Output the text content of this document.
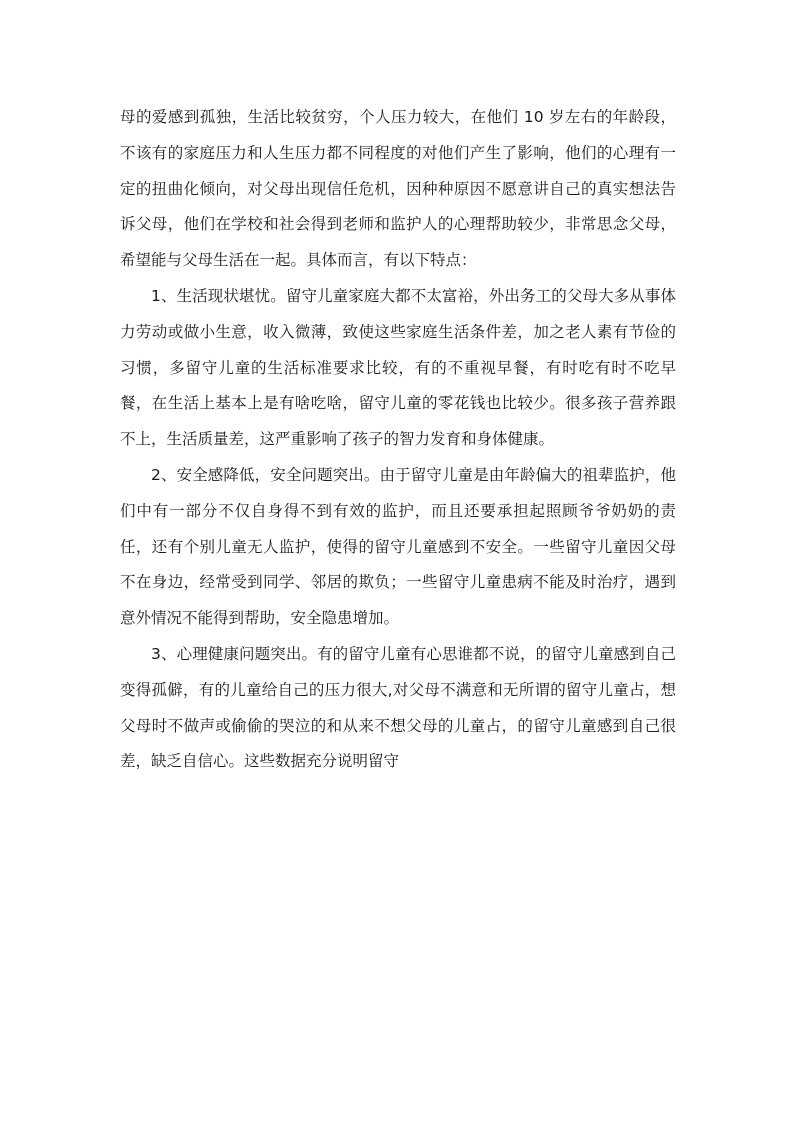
母的爱感到孤独，生活比较贫穷，个人压力较大，在他们 10 岁左右的年龄段，不该有的家庭压力和人生压力都不同程度的对他们产生了影响，他们的心理有一定的扭曲化倾向，对父母出现信任危机，因种种原因不愿意讲自己的真实想法告诉父母，他们在学校和社会得到老师和监护人的心理帮助较少，非常思念父母，希望能与父母生活在一起。具体而言，有以下特点：

1、生活现状堪忧。留守儿童家庭大都不太富裕，外出务工的父母大多从事体力劳动或做小生意，收入微薄，致使这些家庭生活条件差，加之老人素有节俭的习惯，多留守儿童的生活标准要求比较，有的不重视早餐，有时吃有时不吃早餐，在生活上基本上是有啥吃啥，留守儿童的零花钱也比较少。很多孩子营养跟不上，生活质量差，这严重影响了孩子的智力发育和身体健康。

2、安全感降低，安全问题突出。由于留守儿童是由年龄偏大的祖辈监护，他们中有一部分不仅自身得不到有效的监护，而且还要承担起照顾爷爷奶奶的责任，还有个别儿童无人监护，使得的留守儿童感到不安全。一些留守儿童因父母不在身边，经常受到同学、邻居的欺负；一些留守儿童患病不能及时治疗，遇到意外情况不能得到帮助，安全隐患增加。

3、心理健康问题突出。有的留守儿童有心思谁都不说，的留守儿童感到自己变得孤僻，有的儿童给自己的压力很大,对父母不满意和无所谓的留守儿童占，想父母时不做声或偷偷的哭泣的和从来不想父母的儿童占，的留守儿童感到自己很差，缺乏自信心。这些数据充分说明留守
